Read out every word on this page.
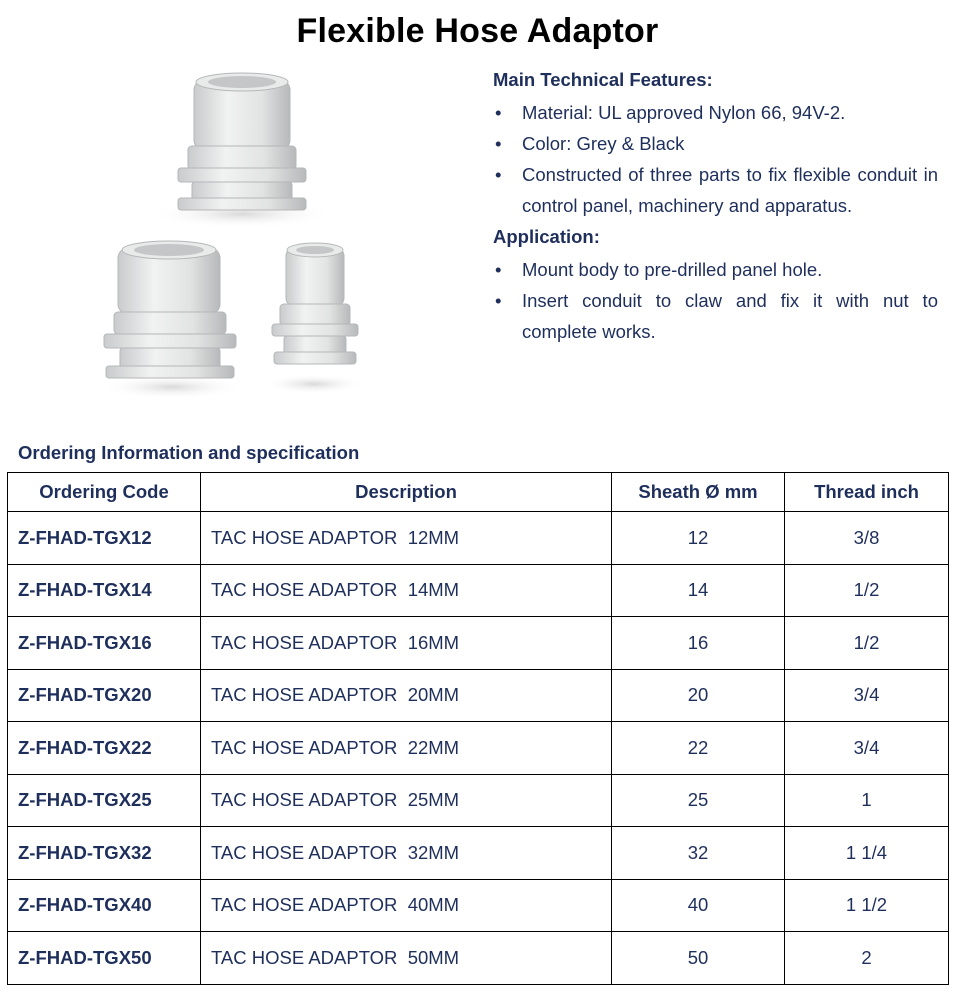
Flexible Hose Adaptor
Main Technical Features:
• Material: UL approved Nylon 66, 94V-2.
• Color: Grey & Black
• Constructed of three parts to fix flexible conduit in control panel, machinery and apparatus.
Application:
• Mount body to pre-drilled panel hole.
• Insert conduit to claw and fix it with nut to complete works.
Ordering Information and specification
Ordering Code	Description	Sheath Ø mm	Thread inch
Z-FHAD-TGX12	TAC HOSE ADAPTOR  12MM	12	3/8
Z-FHAD-TGX14	TAC HOSE ADAPTOR  14MM	14	1/2
Z-FHAD-TGX16	TAC HOSE ADAPTOR  16MM	16	1/2
Z-FHAD-TGX20	TAC HOSE ADAPTOR  20MM	20	3/4
Z-FHAD-TGX22	TAC HOSE ADAPTOR  22MM	22	3/4
Z-FHAD-TGX25	TAC HOSE ADAPTOR  25MM	25	1
Z-FHAD-TGX32	TAC HOSE ADAPTOR  32MM	32	1 1/4
Z-FHAD-TGX40	TAC HOSE ADAPTOR  40MM	40	1 1/2
Z-FHAD-TGX50	TAC HOSE ADAPTOR  50MM	50	2
